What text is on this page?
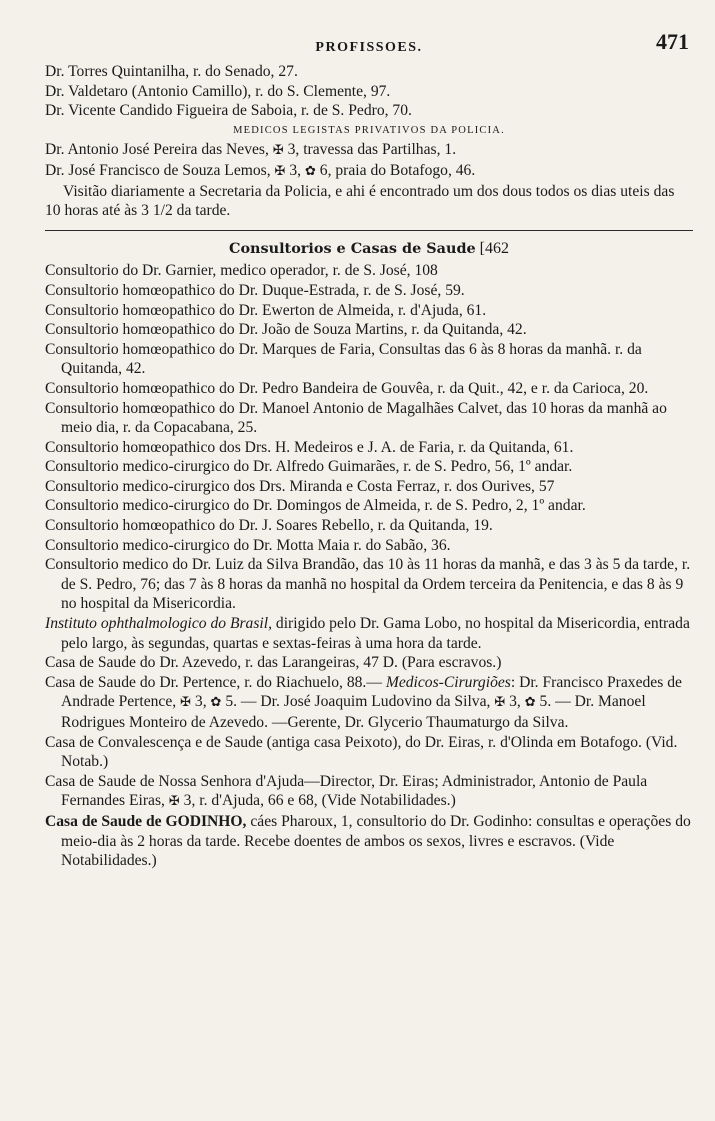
PROFISSOES.	471

Dr. Torres Quintanilha, r. do Senado, 27.

Dr. Valdetaro (Antonio Camillo), r. do S. Clemente, 97.

Dr. Vicente Candido Figueira de Saboia, r. de S. Pedro, 70.

MEDICOS LEGISTAS PRIVATIVOS DA POLICIA.

Dr. Antonio José Pereira das Neves, ✠ 3, travessa das Partilhas, 1.

Dr. José Francisco de Souza Lemos, ✠ 3, ✿ 6, praia do Botafogo, 46.

Visitão diariamente a Secretaria da Policia, e ahi é encontrado um dos dous todos os dias uteis das 10 horas até às 3 1/2 da tarde.

Consultorios e Casas de Saude [462

Consultorio do Dr. Garnier, medico operador, r. de S. José, 108

Consultorio homœopathico do Dr. Duque-Estrada, r. de S. José, 59.

Consultorio homœopathico do Dr. Ewerton de Almeida, r. d'Ajuda, 61.

Consultorio homœopathico do Dr. João de Souza Martins, r. da Quitanda, 42.

Consultorio homœopathico do Dr. Marques de Faria, Consultas das 6 às 8 horas da manhã. r. da Quitanda, 42.

Consultorio homœopathico do Dr. Pedro Bandeira de Gouvêa, r. da Quit., 42, e r. da Carioca, 20.

Consultorio homœopathico do Dr. Manoel Antonio de Magalhães Calvet, das 10 horas da manhã ao meio dia, r. da Copacabana, 25.

Consultorio homœopathico dos Drs. H. Medeiros e J. A. de Faria, r. da Quitanda, 61.

Consultorio medico-cirurgico do Dr. Alfredo Guimarães, r. de S. Pedro, 56, 1º andar.

Consultorio medico-cirurgico dos Drs. Miranda e Costa Ferraz, r. dos Ourives, 57

Consultorio medico-cirurgico do Dr. Domingos de Almeida, r. de S. Pedro, 2, 1º andar.

Consultorio homœopathico do Dr. J. Soares Rebello, r. da Quitanda, 19.

Consultorio medico-cirurgico do Dr. Motta Maia r. do Sabão, 36.

Consultorio medico do Dr. Luiz da Silva Brandão, das 10 às 11 horas da manhã, e das 3 às 5 da tarde, r. de S. Pedro, 76; das 7 às 8 horas da manhã no hospital da Ordem terceira da Penitencia, e das 8 às 9 no hospital da Misericordia.

Instituto ophthalmologico do Brasil, dirigido pelo Dr. Gama Lobo, no hospital da Misericordia, entrada pelo largo, às segundas, quartas e sextas-feiras à uma hora da tarde.

Casa de Saude do Dr. Azevedo, r. das Larangeiras, 47 D. (Para escravos.)

Casa de Saude do Dr. Pertence, r. do Riachuelo, 88.— Medicos-Cirurgiões: Dr. Francisco Praxedes de Andrade Pertence, ✠ 3, ✿ 5. — Dr. José Joaquim Ludovino da Silva, ✠ 3, ✿ 5. — Dr. Manoel Rodrigues Monteiro de Azevedo. —Gerente, Dr. Glycerio Thaumaturgo da Silva.

Casa de Convalescença e de Saude (antiga casa Peixoto), do Dr. Eiras, r. d'Olinda em Botafogo. (Vid. Notab.)

Casa de Saude de Nossa Senhora d'Ajuda—Director, Dr. Eiras; Administrador, Antonio de Paula Fernandes Eiras, ✠ 3, r. d'Ajuda, 66 e 68, (Vide Notabilidades.)

Casa de Saude de GODINHO, cáes Pharoux, 1, consultorio do Dr. Godinho: consultas e operações do meio-dia às 2 horas da tarde. Recebe doentes de ambos os sexos, livres e escravos. (Vide Notabilidades.)
